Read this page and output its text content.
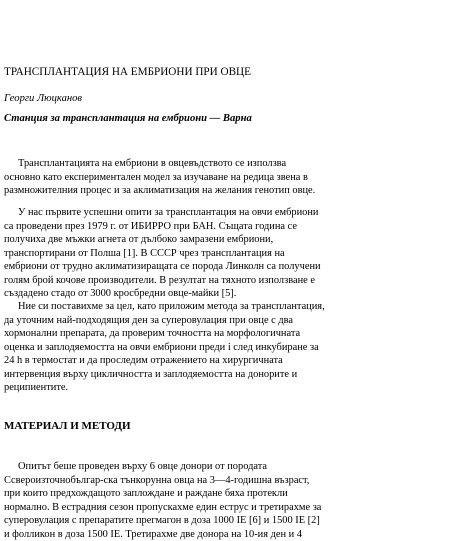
ТРАНСПЛАНТАЦИЯ НА ЕМБРИОНИ ПРИ ОВЦЕ
Георги Люцканов
Станция за трансплантация на ембриони — Варна
Трансплантацията на ембриони в овцевъдството се използва
основно като експериментален модел за изучаване на редица звена в
размножителния процес и за аклиматизация на желания генотип овце.
У нас първите успешни опити за трансплантация на овчи ембриони
са проведени през 1979 г. от ИБИРРО при БАН. Същата година се
получиха две мъжки агнета от дълбоко замразени ембриони,
транспортирани от Полша [1]. В СССР чрез трансплантация на
ембриони от трудно аклиматизиращата се порода Линколн са получени
голям брой кочове производители. В резултат на тяхното използване е
създадено стадо от 3000 кросбредни овце-майки [5].
Ние си поставихме за цел, като приложим метода за трансплантация,
да уточним най-подходящия ден за суперовулация при овце с два
хормонални препарата, да проверим точността на морфологичната
оценка и заплодяемостта на овчи ембриони преди і след инкубиране за
24 h в термостат и да проследим отражението на хирургичната
интервенция върху цикличността и заплодяемостта на донорите и
реципиентите.
МАТЕРИАЛ И МЕТОДИ
Опитът беше проведен върху 6 овце донори от породата
Ссвероизточнобългар-ска тънкорунна овца на 3—4-годишна възраст,
при които предхождащото заплождане и раждане бяха протекли
нормално. В естрадния сезон пропускахме един еструс и третирахме за
суперовулация с препаратите прегмагон в доза 1000 IE [6] и 1500 IE [2]
и фолликон в доза 1500 IE. Третирахме две донора на 10-ия ден и 4
